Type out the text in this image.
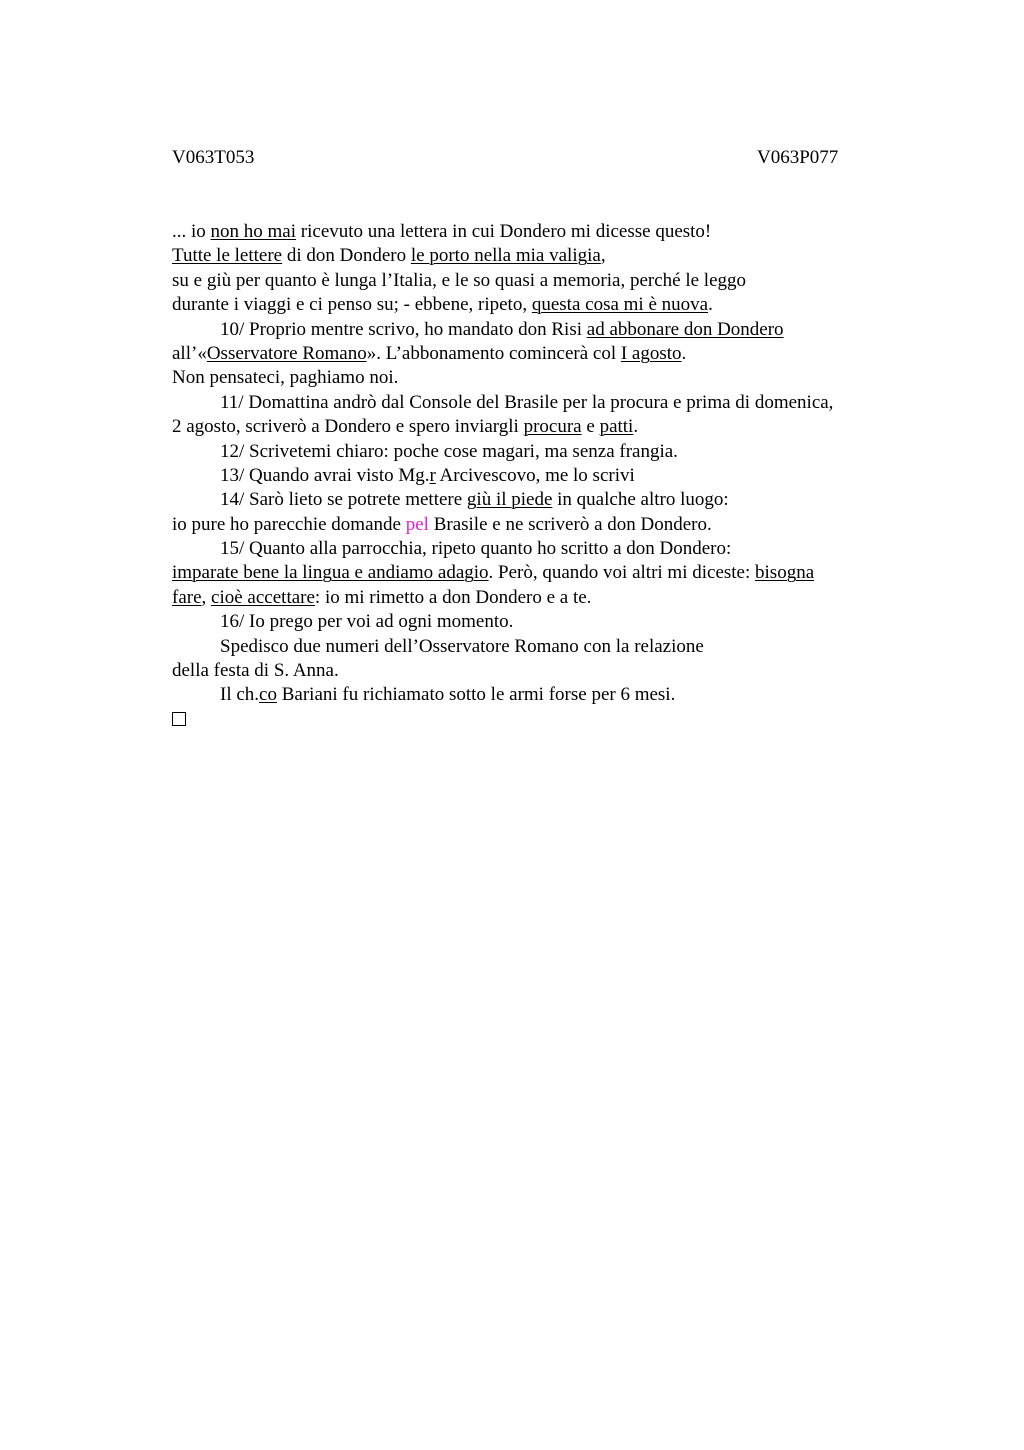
V063T053	V063P077
... io non ho mai ricevuto una lettera in cui Dondero mi dicesse questo!
Tutte le lettere di don Dondero le porto nella mia valigia,
su e giù per quanto è lunga l’Italia, e le so quasi a memoria, perché le leggo
durante i viaggi e ci penso su; - ebbene, ripeto, questa cosa mi è nuova.
10/ Proprio mentre scrivo, ho mandato don Risi ad abbonare don Dondero
all’«Osservatore Romano». L’abbonamento comincerà col I agosto.
Non pensateci, paghiamo noi.
11/ Domattina andrò dal Console del Brasile per la procura e prima di domenica,
2 agosto, scriverò a Dondero e spero inviargli procura e patti.
12/ Scrivetemi chiaro: poche cose magari, ma senza frangia.
13/ Quando avrai visto Mg.r Arcivescovo, me lo scrivi
14/ Sarò lieto se potrete mettere giù il piede in qualche altro luogo:
io pure ho parecchie domande pel Brasile e ne scriverò a don Dondero.
15/ Quanto alla parrocchia, ripeto quanto ho scritto a don Dondero:
imparate bene la lingua e andiamo adagio. Però, quando voi altri mi diceste: bisogna
fare, cioè accettare: io mi rimetto a don Dondero e a te.
16/ Io prego per voi ad ogni momento.
Spedisco due numeri dell’Osservatore Romano con la relazione
della festa di S. Anna.
Il ch.co Bariani fu richiamato sotto le armi forse per 6 mesi.
